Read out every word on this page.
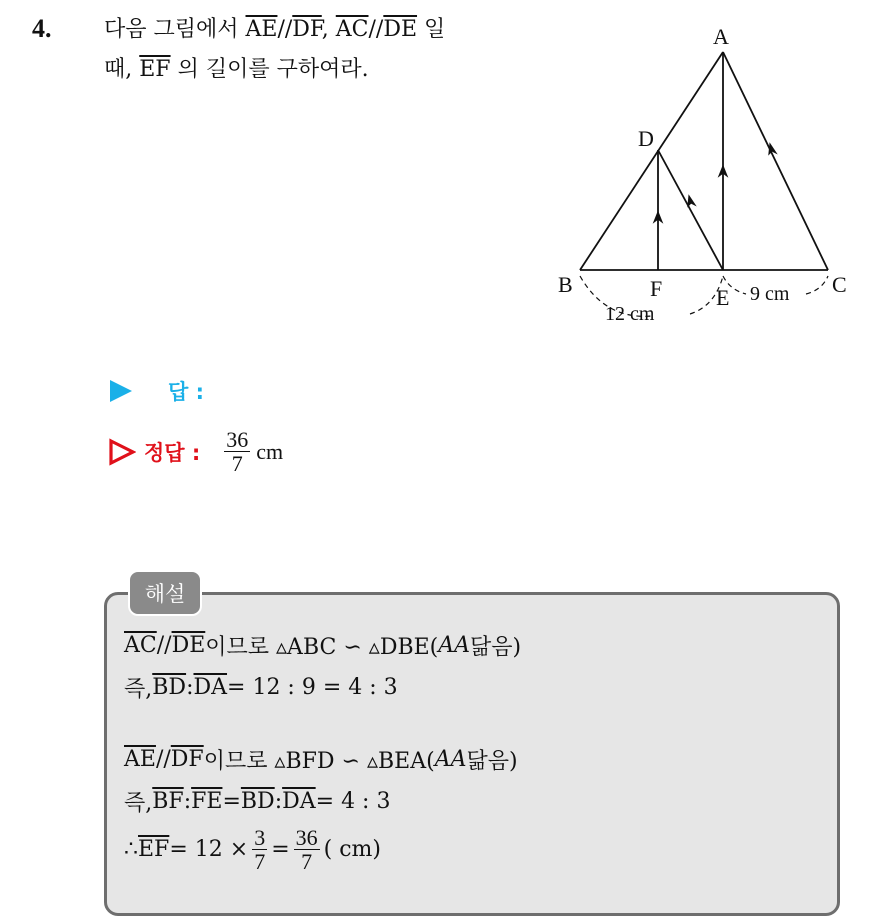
4. 다음 그림에서 $\overline{AE}//\overline{DF}$, $\overline{AC}//\overline{DE}$ 일
때, $\overline{EF}$ 의 길이를 구하여라.
A
D
B	F E
C
12 cm
9 cm
답 :
정답 : $\frac{36}{7}$ cm
해설
$\overline{AC} // \overline{DE}$ 이므로 ▵ABC ∽ ▵DBE( AA 닮음)
즉, $\overline{BD}$ : $\overline{DA} = 12$ : 9 = 4 : 3
$\overline{AE} // \overline{DF}$ 이므로 ▵BFD ∽ ▵BEA( AA 닮음)
즉, $\overline{BF}$ : $\overline{FE} = \overline{BD}$ : $\overline{DA} = 4$ : 3
∴ $\overline{EF} = 12 \times \frac{3}{7} = \frac{36}{7}$ ( cm)
